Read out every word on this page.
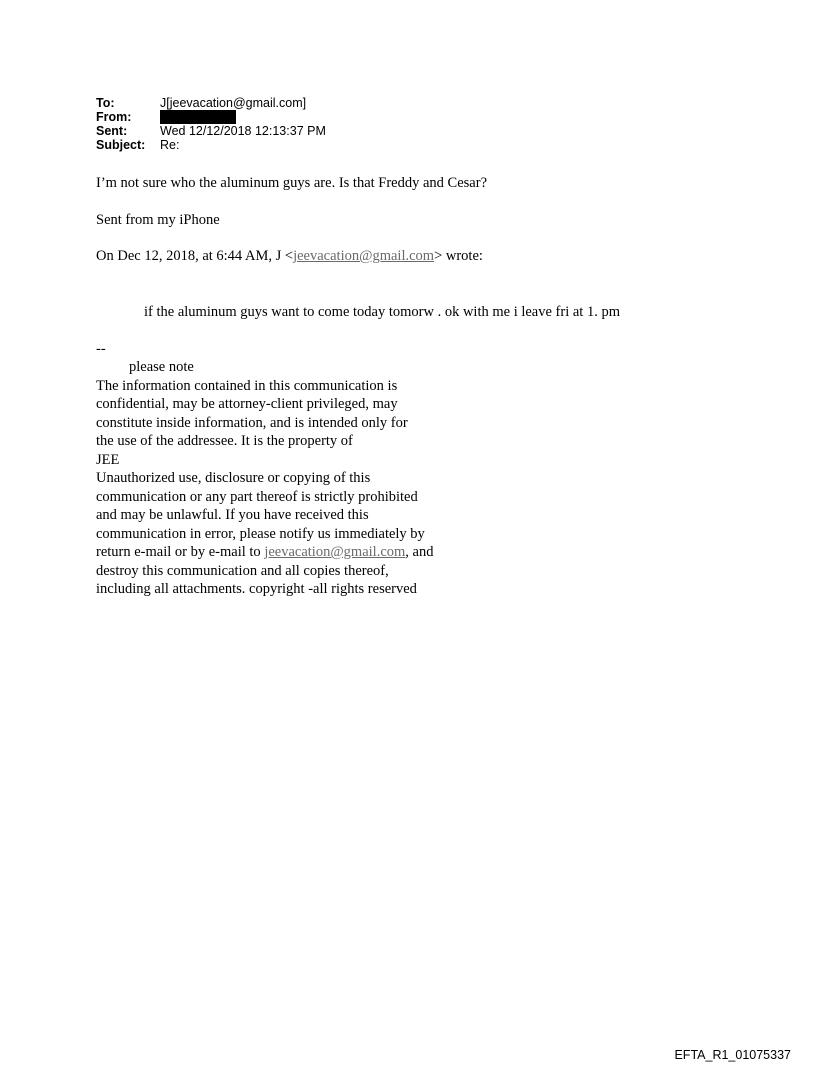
To:	J[jeevacation@gmail.com]
From:
Sent:	Wed 12/12/2018 12:13:37 PM
Subject:	Re:
I’m not sure who the aluminum guys are. Is that Freddy and Cesar?
Sent from my iPhone
On Dec 12, 2018, at 6:44 AM, J <jeevacation@gmail.com> wrote:
if the aluminum guys want to come today tomorw . ok with me i leave fri at 1. pm
--
please note
The information contained in this communication is
confidential, may be attorney-client privileged, may
constitute inside information, and is intended only for
the use of the addressee. It is the property of
JEE
Unauthorized use, disclosure or copying of this
communication or any part thereof is strictly prohibited
and may be unlawful. If you have received this
communication in error, please notify us immediately by
return e-mail or by e-mail to jeevacation@gmail.com, and
destroy this communication and all copies thereof,
including all attachments. copyright -all rights reserved
EFTA_R1_01075337
